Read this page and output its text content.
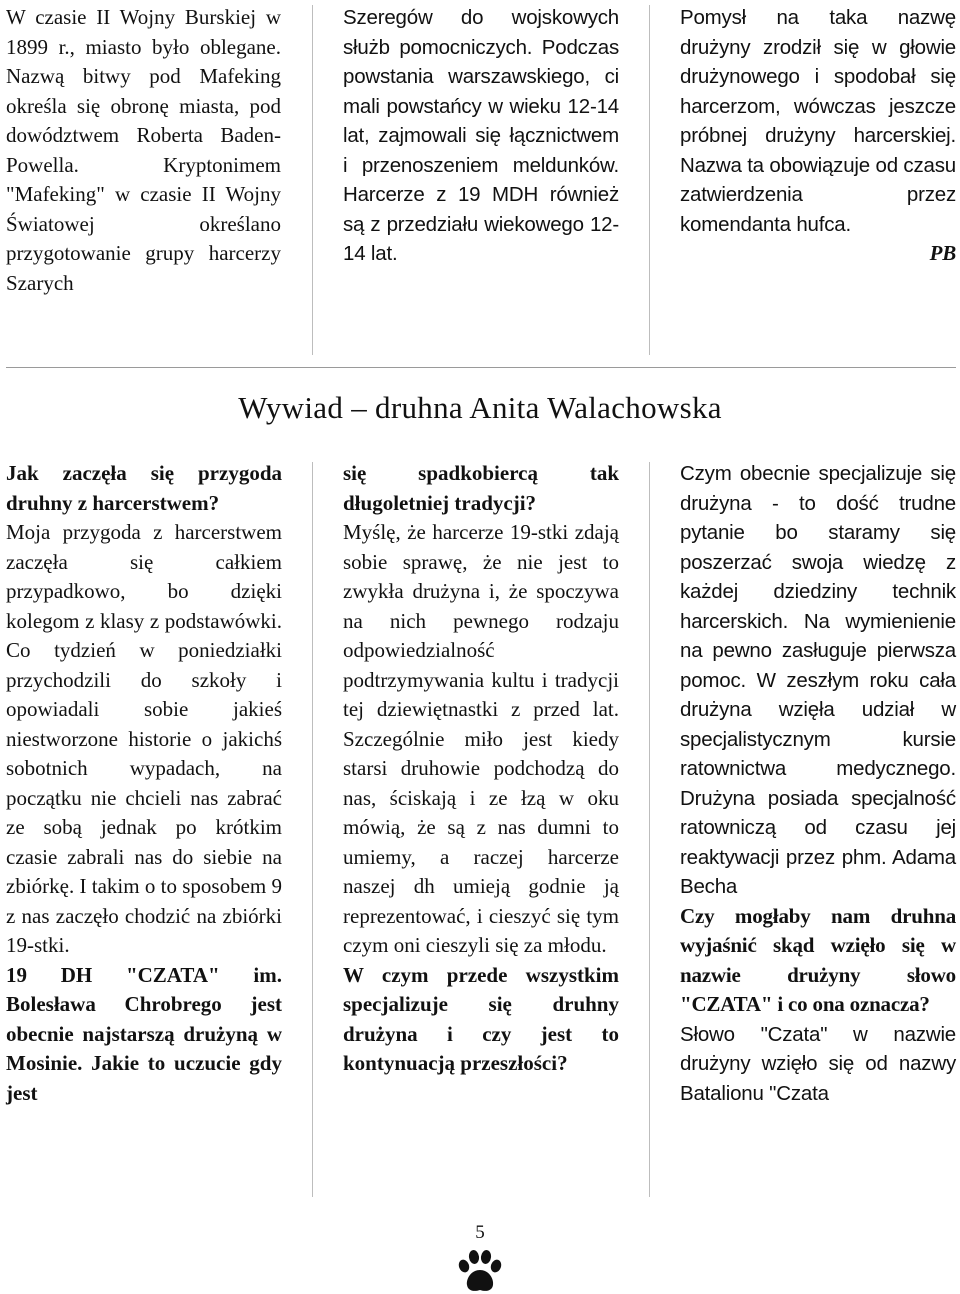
W czasie II Wojny Burskiej w 1899 r., miasto było oblegane. Nazwą bitwy pod Mafeking określa się obronę miasta, pod dowództwem Roberta Baden-Powella. Kryptonimem "Mafeking" w czasie II Wojny Światowej określano przygotowanie grupy harcerzy Szarych

Szeregów do wojskowych służb pomocniczych. Podczas powstania warszawskiego, ci mali powstańcy w wieku 12-14 lat, zajmowali się łącznictwem i przenoszeniem meldunków. Harcerze z 19 MDH również są z przedziału wiekowego 12-14 lat.

Pomysł na taka nazwę drużyny zrodził się w głowie drużynowego i spodobał się harcerzom, wówczas jeszcze próbnej drużyny harcerskiej. Nazwa ta obowiązuje od czasu zatwierdzenia przez komendanta hufca.

PB
Wywiad – druhna Anita Walachowska

Jak zaczęła się przygoda druhny z harcerstwem?

Moja przygoda z harcerstwem zaczęła się całkiem przypadkowo, bo dzięki kolegom z klasy z podstawówki. Co tydzień w poniedziałki przychodzili do szkoły i opowiadali sobie jakieś niestworzone historie o jakichś sobotnich wypadach, na początku nie chcieli nas zabrać ze sobą jednak po krótkim czasie zabrali nas do siebie na zbiórkę. I takim o to sposobem 9 z nas zaczęło chodzić na zbiórki 19-stki.

19 DH "CZATA" im. Bolesława Chrobrego jest obecnie najstarszą drużyną w Mosinie. Jakie to uczucie gdy jest

się spadkobiercą tak długoletniej tradycji?

Myślę, że harcerze 19-stki zdają sobie sprawę, że nie jest to zwykła drużyna i, że spoczywa na nich pewnego rodzaju odpowiedzialność podtrzymywania kultu i tradycji tej dziewiętnastki z przed lat. Szczególnie miło jest kiedy starsi druhowie podchodzą do nas, ściskają i ze łzą w oku mówią, że są z nas dumni to umiemy, a raczej harcerze naszej dh umieją godnie ją reprezentować, i cieszyć się tym czym oni cieszyli się za młodu.

W czym przede wszystkim specjalizuje się druhny drużyna i czy jest to kontynuacją przeszłości?

Czym obecnie specjalizuje się drużyna - to dość trudne pytanie bo staramy się poszerzać swoja wiedzę z każdej dziedziny technik harcerskich. Na wymienienie na pewno zasługuje pierwsza pomoc. W zeszłym roku cała drużyna wzięła udział w specjalistycznym kursie ratownictwa medycznego. Drużyna posiada specjalność ratowniczą od czasu jej reaktywacji przez phm. Adama Becha

Czy mogłaby nam druhna wyjaśnić skąd wzięło się w nazwie drużyny słowo "CZATA" i co ona oznacza?

Słowo "Czata" w nazwie drużyny wzięło się od nazwy Batalionu "Czata

5
